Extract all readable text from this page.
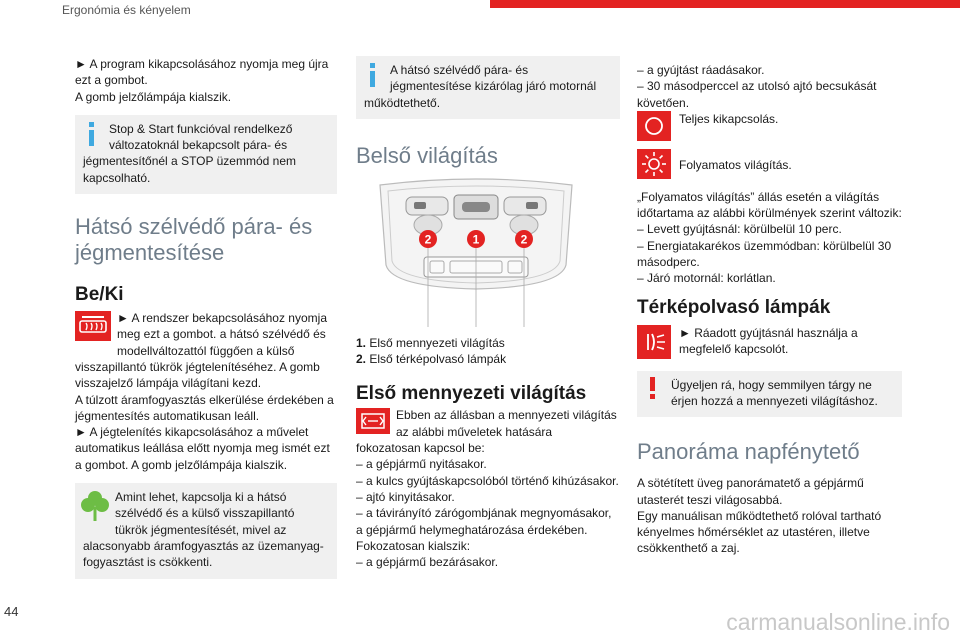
Ergonómia és kényelem

► A program kikapcsolásához nyomja meg újra ezt a gombot.

A gomb jelzőlámpája kialszik.

Stop & Start funkcióval rendelkező változatoknál bekapcsolt pára- és jégmentesítőnél a STOP üzemmód nem kapcsolható.
Hátsó szélvédő pára- és jégmentesítése
Be/Ki

► A rendszer bekapcsolásához nyomja meg ezt a gombot. a hátsó szélvédő és modellváltozattól függően a külső visszapillantó tükrök jégtelenítéséhez. A gomb visszajelző lámpája világítani kezd.

A túlzott áramfogyasztás elkerülése érdekében a jégmentesítés automatikusan leáll.

► A jégtelenítés kikapcsolásához a művelet automatikus leállása előtt nyomja meg ismét ezt a gombot. A gomb jelzőlámpája kialszik.

Amint lehet, kapcsolja ki a hátsó szélvédő és a külső visszapillantó tükrök jégmentesítését, mivel az alacsonyabb áramfogyasztás az üzemanyag-fogyasztást is csökkenti.
A hátsó szélvédő pára- és jégmentesítése kizárólag járó motornál működtethető.
Belső világítás
2	1	2

1. Első mennyezeti világítás

2. Első térképolvasó lámpák

Első mennyezeti világítás

Ebben az állásban a mennyezeti világítás az alábbi műveletek hatására fokozatosan kapcsol be:

– a gépjármű nyitásakor.

– a kulcs gyújtáskapcsolóból történő kihúzásakor.

– ajtó kinyitásakor.

– a távirányító zárógombjának megnyomásakor, a gépjármű helymeghatározása érdekében.

Fokozatosan kialszik:

– a gépjármű bezárásakor.

– a gyújtást ráadásakor.

– 30 másodperccel az utolsó ajtó becsukását követően.

Teljes kikapcsolás.
Folyamatos világítás.

„Folyamatos világítás” állás esetén a világítás időtartama az alábbi körülmények szerint változik:

– Levett gyújtásnál: körülbelül 10 perc.

– Energiatakarékos üzemmódban: körülbelül 30 másodperc.

– Járó motornál: korlátlan.

Térképolvasó lámpák

► Ráadott gyújtásnál használja a megfelelő kapcsolót.

Ügyeljen rá, hogy semmilyen tárgy ne érjen hozzá a mennyezeti világításhoz.
Panoráma napfénytető

A sötétített üveg panorámatető a gépjármű utasterét teszi világosabbá.

Egy manuálisan működtethető rolóval tartható kényelmes hőmérséklet az utastéren, illetve csökkenthető a zaj.

44	carmanualsonline.info
